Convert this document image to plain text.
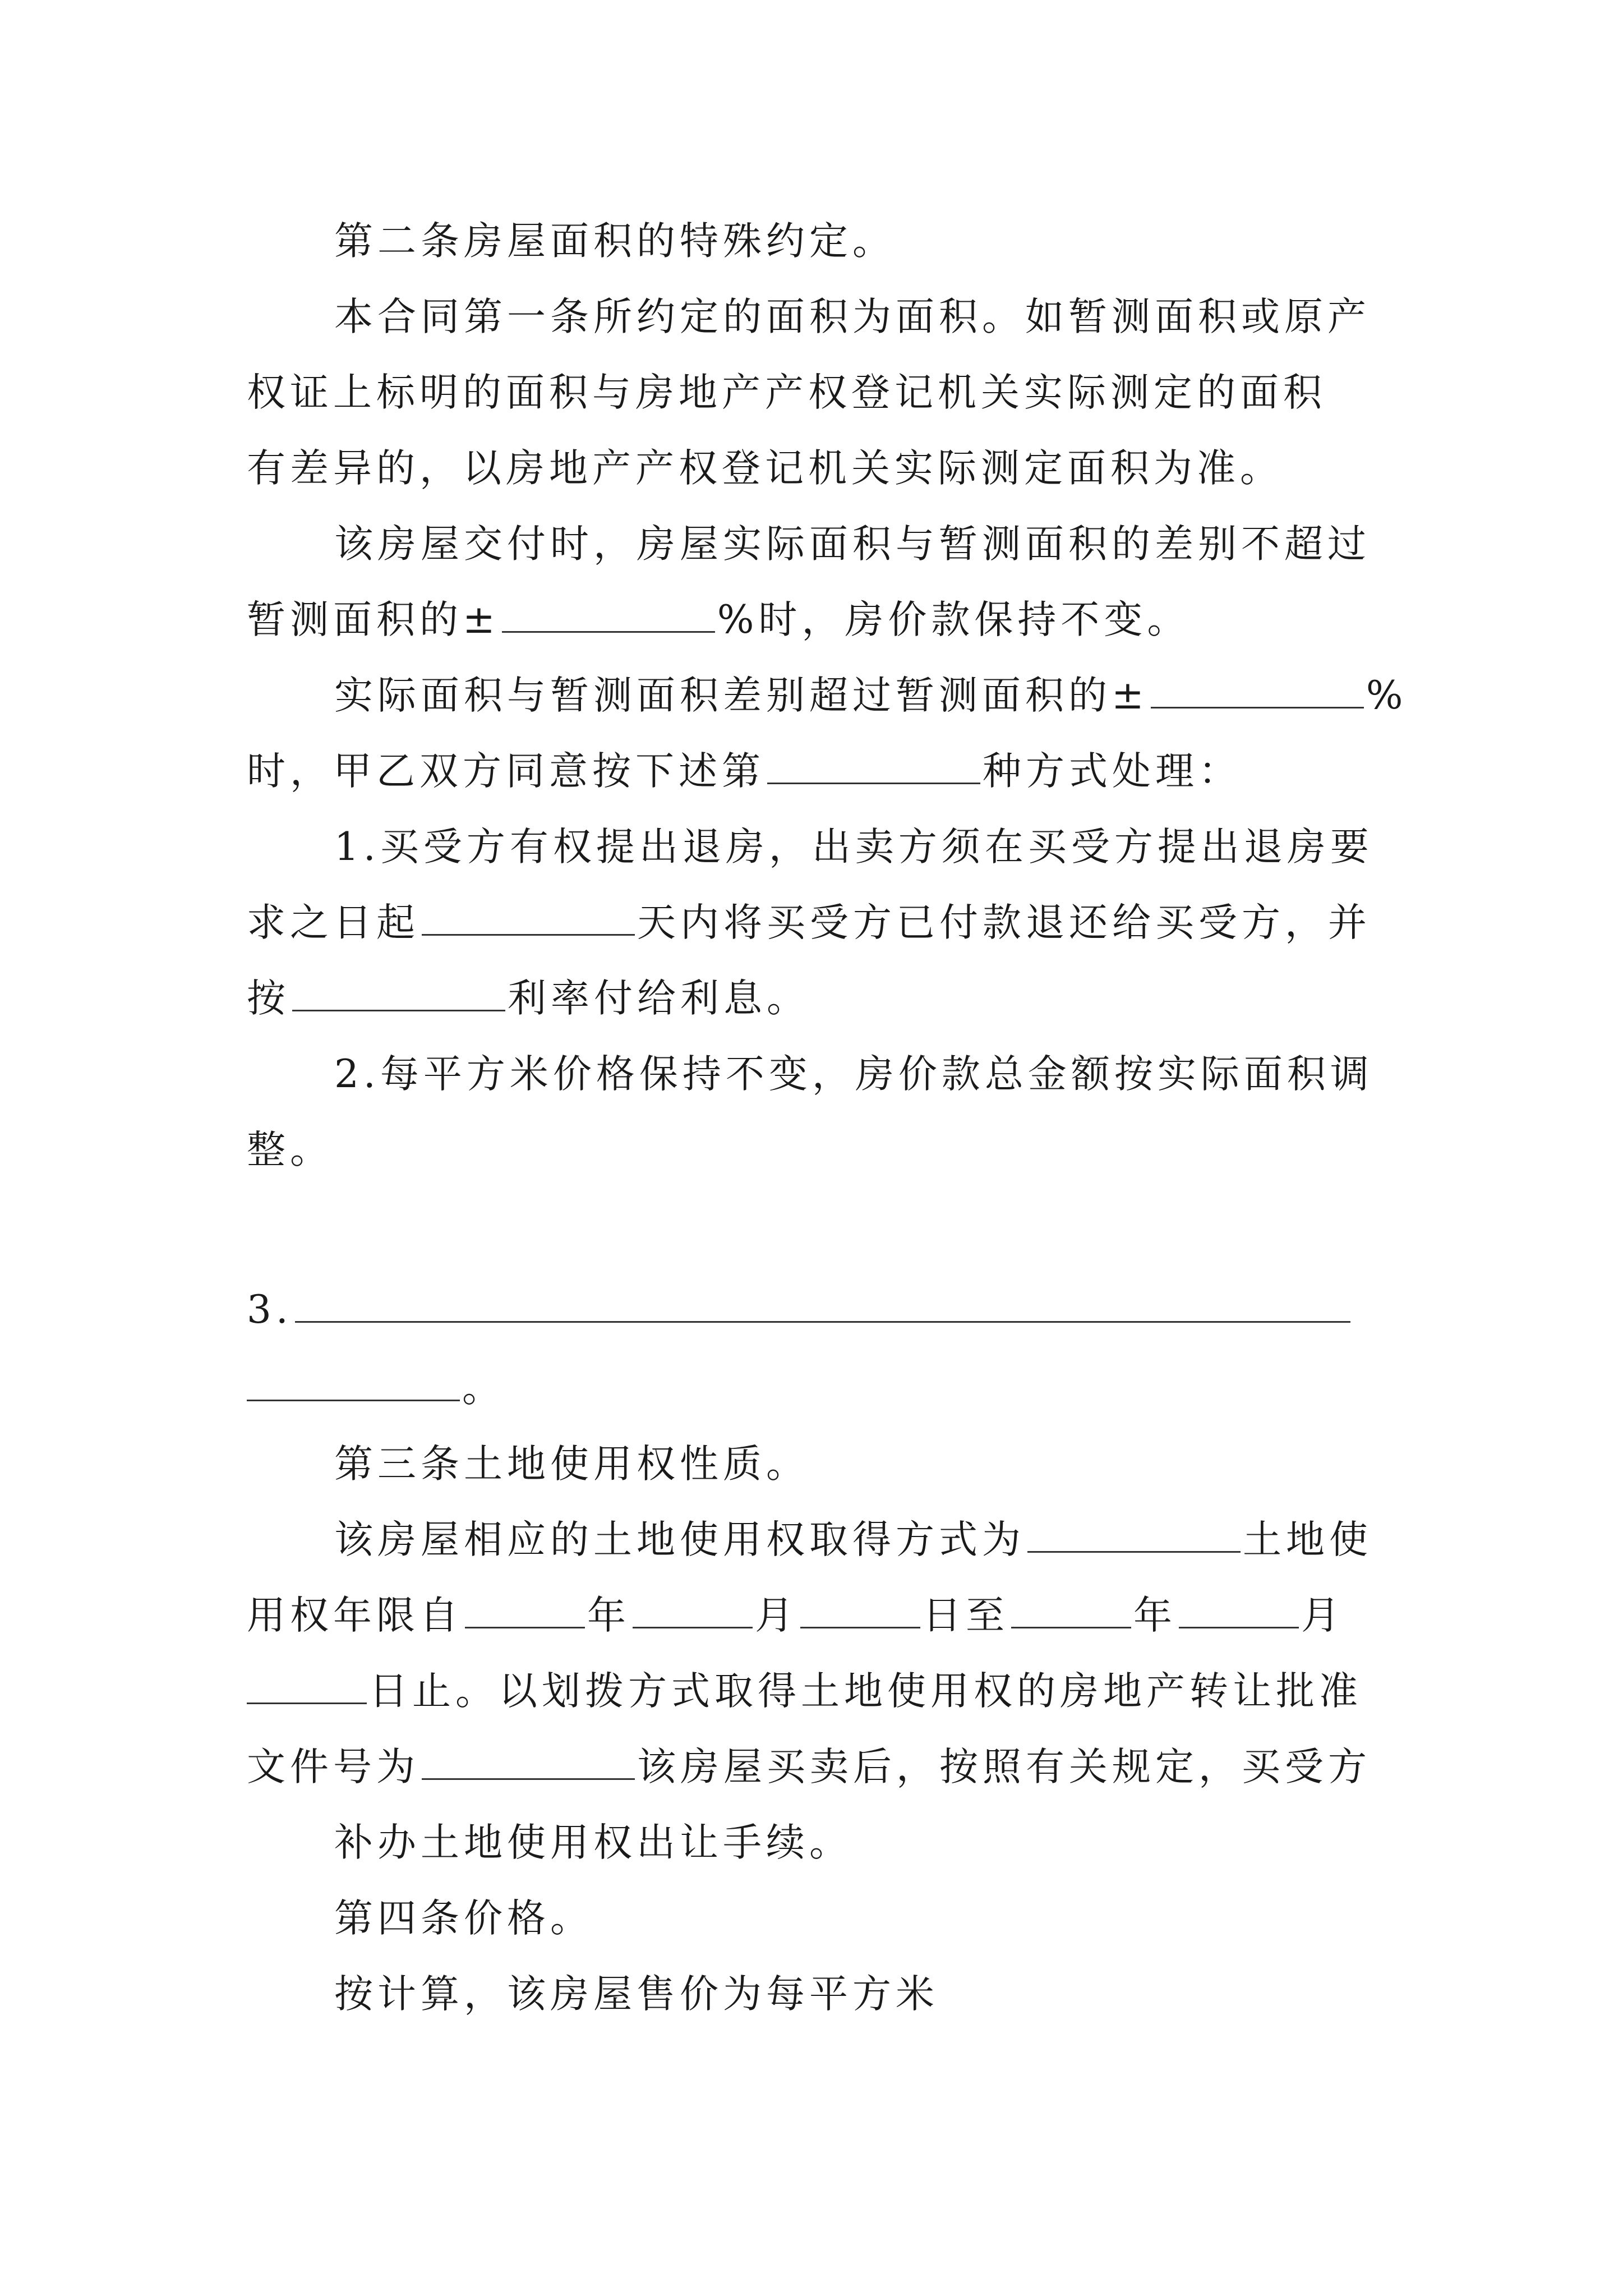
第二条房屋面积的特殊约定。
本合同第一条所约定的面积为面积。如暂测面积或原产
权证上标明的面积与房地产产权登记机关实际测定的面积
有差异的，以房地产产权登记机关实际测定面积为准。
该房屋交付时，房屋实际面积与暂测面积的差别不超过
暂测面积的±	%时，房价款保持不变。
实际面积与暂测面积差别超过暂测面积的±	%
时，甲乙双方同意按下述第	种方式处理：
1.买受方有权提出退房，出卖方须在买受方提出退房要
求之日起	天内将买受方已付款退还给买受方，并
按	利率付给利息。
2.每平方米价格保持不变，房价款总金额按实际面积调
整。
3.
。
第三条土地使用权性质。
该房屋相应的土地使用权取得方式为	土地使
用权年限自	年	月	日至	年	月
日止。以划拨方式取得土地使用权的房地产转让批准
文件号为	该房屋买卖后，按照有关规定，买受方
补办土地使用权出让手续。
第四条价格。
按计算，该房屋售价为每平方米
